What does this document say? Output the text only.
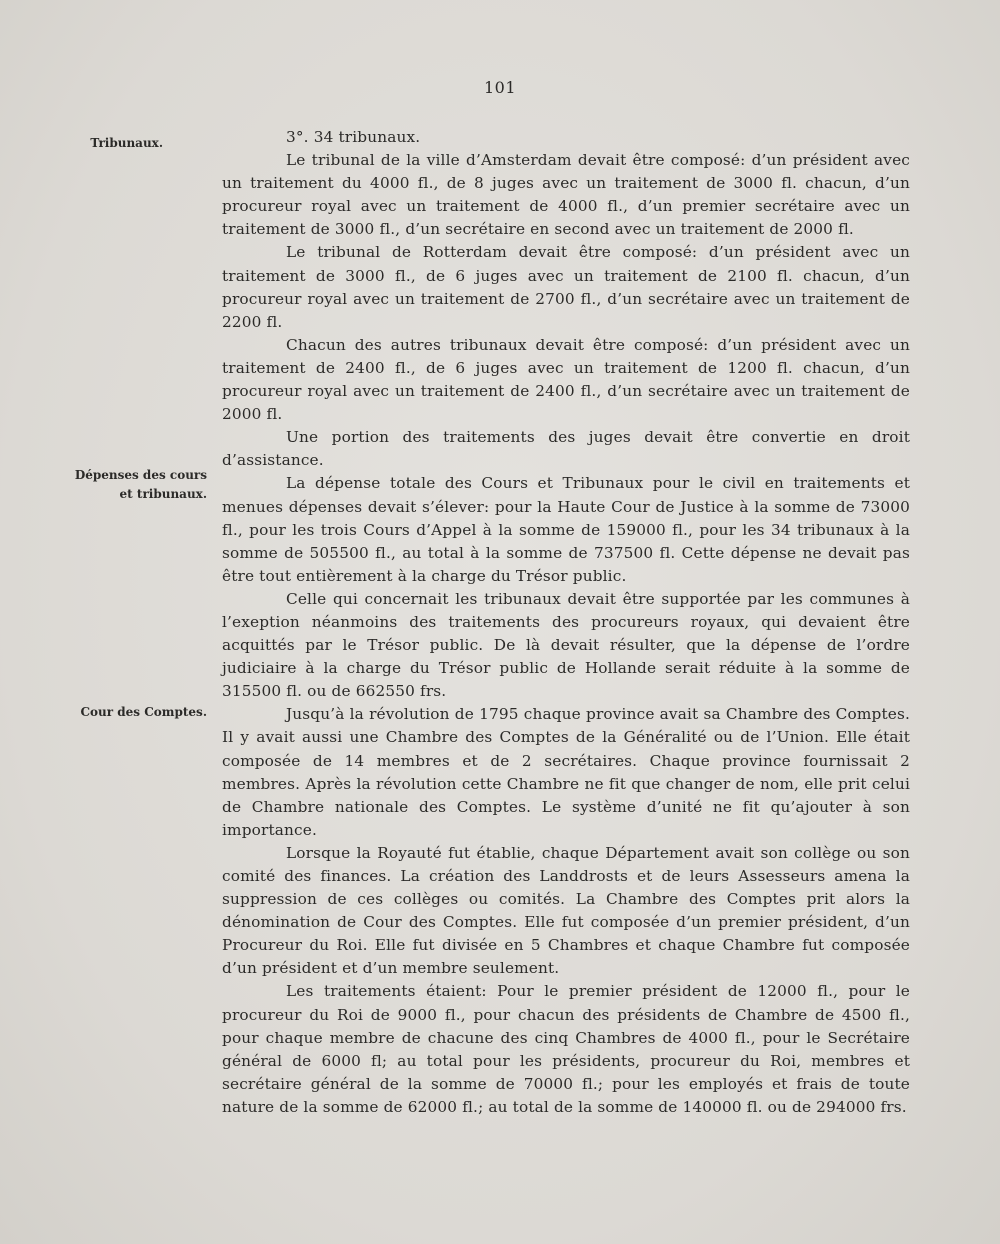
101
Tribunaux.
Dépenses des cours
et tribunaux.
Cour des Comptes.

3°. 34 tribunaux.

Le tribunal de la ville d’Amsterdam devait être composé: d’un président avec un traitement du 4000 fl., de 8 juges avec un traitement de 3000 fl. chacun, d’un procureur royal avec un traitement de 4000 fl., d’un premier secrétaire avec un traitement de 3000 fl., d’un secrétaire en second avec un traitement de 2000 fl.

Le tribunal de Rotterdam devait être composé: d’un président avec un traitement de 3000 fl., de 6 juges avec un traitement de 2100 fl. chacun, d’un procureur royal avec un traitement de 2700 fl., d’un secrétaire avec un traitement de 2200 fl.

Chacun des autres tribunaux devait être composé: d’un président avec un traitement de 2400 fl., de 6 juges avec un traitement de 1200 fl. chacun, d’un procureur royal avec un traitement de 2400 fl., d’un secrétaire avec un traitement de 2000 fl.

Une portion des traitements des juges devait être convertie en droit d’assistance.

La dépense totale des Cours et Tribunaux pour le civil en traitements et menues dépenses devait s’élever: pour la Haute Cour de Justice à la somme de 73000 fl., pour les trois Cours d’Appel à la somme de 159000 fl., pour les 34 tribunaux à la somme de 505500 fl., au total à la somme de 737500 fl. Cette dépense ne devait pas être tout entièrement à la charge du Trésor public.

Celle qui concernait les tribunaux devait être supportée par les communes à l’exeption néanmoins des traitements des procureurs royaux, qui devaient être acquittés par le Trésor public. De là devait résulter, que la dépense de l’ordre judiciaire à la charge du Trésor public de Hollande serait réduite à la somme de 315500 fl. ou de 662550 frs.

Jusqu’à la révolution de 1795 chaque province avait sa Chambre des Comptes. Il y avait aussi une Chambre des Comptes de la Généralité ou de l’Union. Elle était composée de 14 membres et de 2 secrétaires. Chaque province fournissait 2 membres. Après la révolution cette Chambre ne fit que changer de nom, elle prit celui de Chambre nationale des Comptes. Le système d’unité ne fit qu’ajouter à son importance.

Lorsque la Royauté fut établie, chaque Département avait son collège ou son comité des finances. La création des Landdrosts et de leurs Assesseurs amena la suppression de ces collèges ou comités. La Chambre des Comptes prit alors la dénomination de Cour des Comptes. Elle fut composée d’un premier président, d’un Procureur du Roi. Elle fut divisée en 5 Chambres et chaque Chambre fut composée d’un président et d’un membre seulement.

Les traitements étaient: Pour le premier président de 12000 fl., pour le procureur du Roi de 9000 fl., pour chacun des présidents de Chambre de 4500 fl., pour chaque membre de chacune des cinq Chambres de 4000 fl., pour le Secrétaire général de 6000 fl; au total pour les présidents, procureur du Roi, membres et secrétaire général de la somme de 70000 fl.; pour les employés et frais de toute nature de la somme de 62000 fl.; au total de la somme de 140000 fl. ou de 294000 frs.
